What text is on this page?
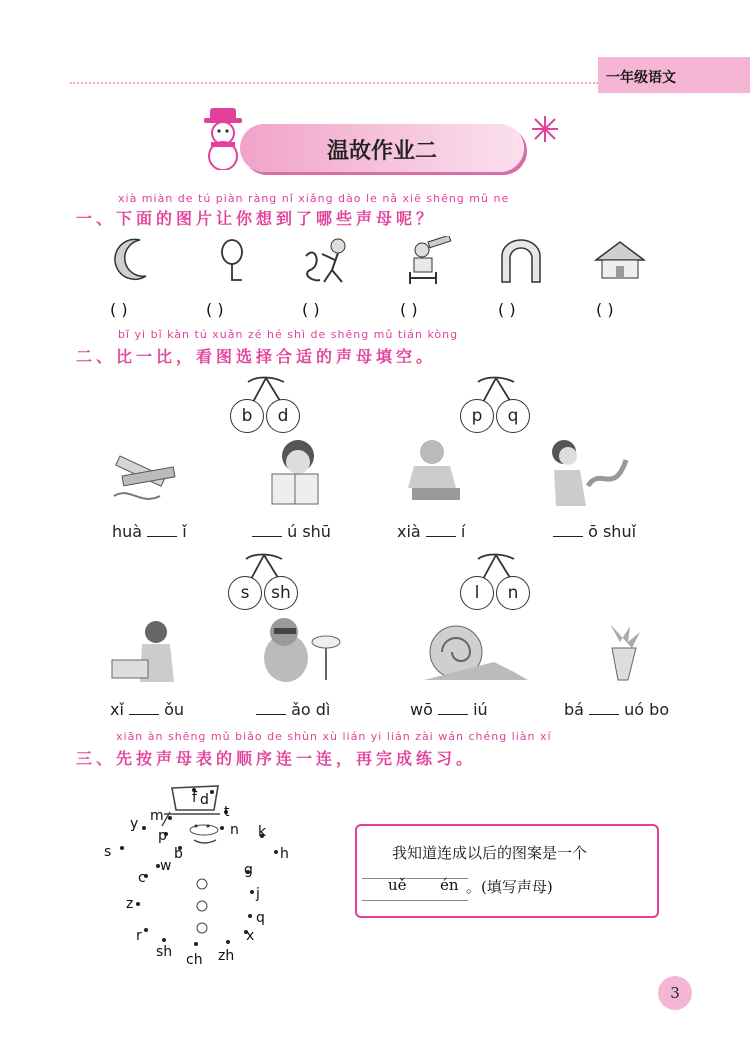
一年级语文
温故作业二
xià miàn de tú piàn ràng nǐ xiǎng dào le nǎ xiē shēng mǔ ne
一、下面的图片让你想到了哪些声母呢？
( )	( )	( )	( )	( )	( )
bǐ yi bǐ kàn tú xuǎn zé hé shì de shēng mǔ tián kòng
二、比一比，看图选择合适的声母填空。
b	d	p	q
huà	ǐ	ú shū	xià	í	ō shuǐ
s	sh	l	n
xǐ	ǒu	ǎo dì	wō	iú	bá	uó bo
xiān àn shēng mǔ biǎo de shùn xù lián yi lián zài wán chéng liàn xí
三、先按声母表的顺序连一连，再完成练习。
f d
t
m
y
p	n k
s	b	h
w	g
c
j
z
q
r	x
sh ch zh
我知道连成以后的图案是一个
uě én 。(填写声母)
3
